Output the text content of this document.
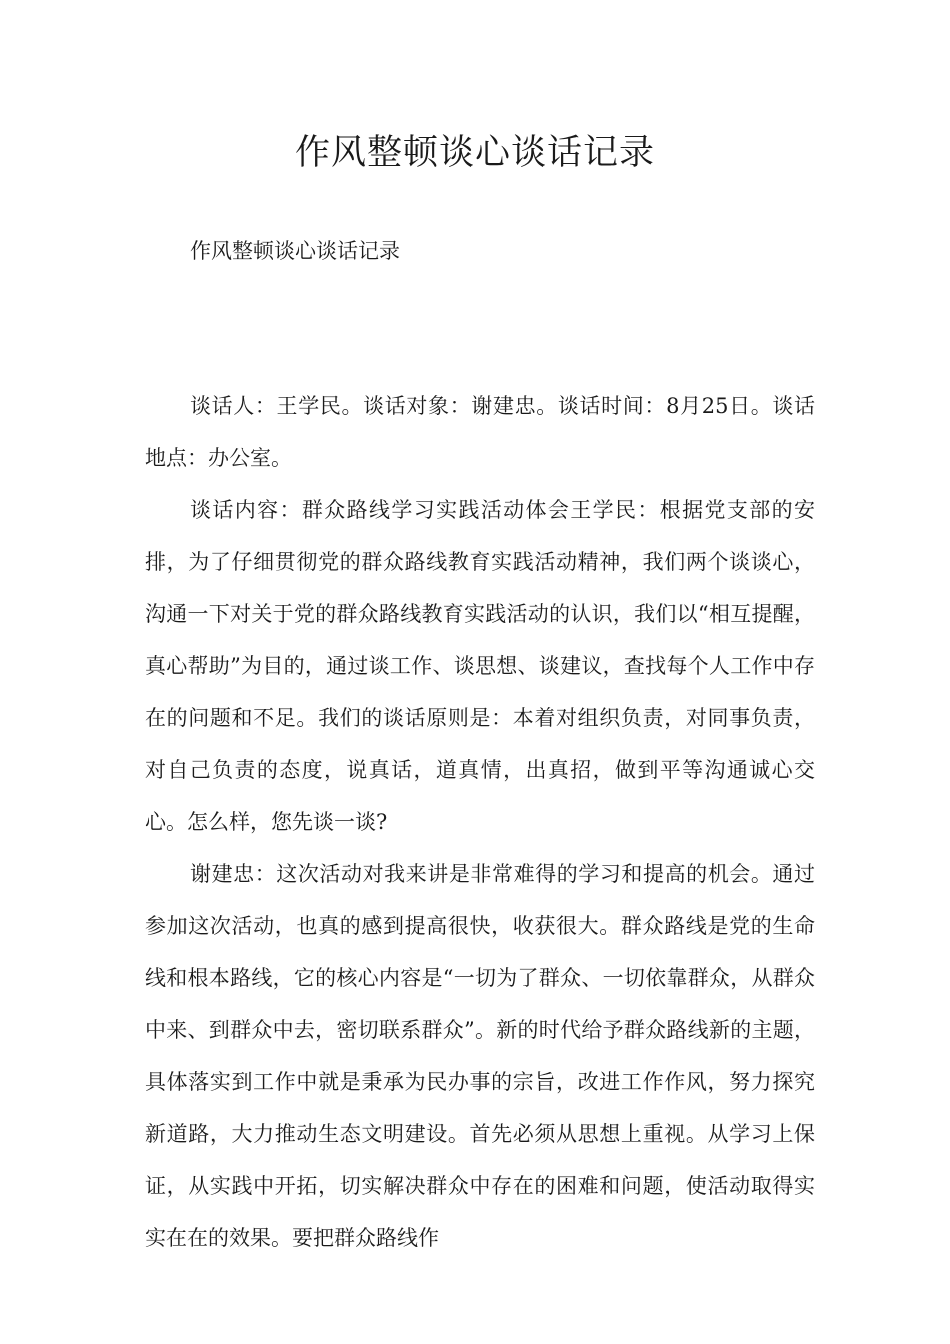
作风整顿谈心谈话记录

作风整顿谈心谈话记录

谈话人：王学民。谈话对象：谢建忠。谈话时间：8月25日。谈话地点：办公室。

谈话内容：群众路线学习实践活动体会王学民：根据党支部的安排，为了仔细贯彻党的群众路线教育实践活动精神，我们两个谈谈心，沟通一下对关于党的群众路线教育实践活动的认识，我们以“相互提醒，真心帮助”为目的，通过谈工作、谈思想、谈建议，查找每个人工作中存在的问题和不足。我们的谈话原则是：本着对组织负责，对同事负责，对自己负责的态度，说真话，道真情，出真招，做到平等沟通诚心交心。怎么样，您先谈一谈?

谢建忠：这次活动对我来讲是非常难得的学习和提高的机会。通过参加这次活动，也真的感到提高很快，收获很大。群众路线是党的生命线和根本路线，它的核心内容是“一切为了群众、一切依靠群众，从群众中来、到群众中去，密切联系群众”。新的时代给予群众路线新的主题，具体落实到工作中就是秉承为民办事的宗旨，改进工作作风，努力探究新道路，大力推动生态文明建设。首先必须从思想上重视。从学习上保证，从实践中开拓，切实解决群众中存在的困难和问题，使活动取得实实在在的效果。要把群众路线作
